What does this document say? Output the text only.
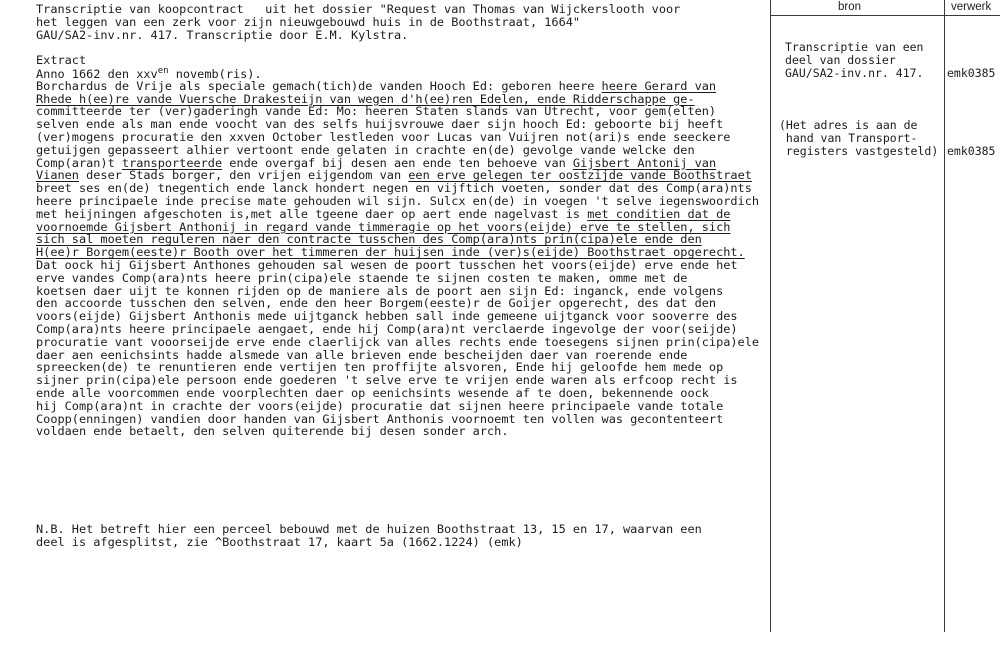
bron	verwerk
Transcriptie van koopcontract   uit het dossier "Request van Thomas van Wijckerslooth voor
het leggen van een zerk voor zijn nieuwgebouwd huis in de Boothstraat, 1664"
GAU/SA2-inv.nr. 417. Transcriptie door E.M. Kylstra.
Extract
Anno 1662 den xxv$^{en}$ novemb(ris).
Borchardus de Vrije als speciale gemach(tich)de vanden Hooch Ed: geboren heere heere Gerard van
Rhede h(ee)re vande Vuersche Drakesteijn van wegen d'h(ee)ren Edelen, ende Ridderschappe ge-
committeerde ter (ver)gaderingh vande Ed: Mo: heeren Staten slands van Utrecht, voor gem(elten)
selven ende als man ende voocht van des selfs huijsvrouwe daer sijn hooch Ed: geboorte bij heeft
(ver)mogens procuratie den xxven October lestleden voor Lucas van Vuijren not(ari)s ende seeckere
getuijgen gepasseert alhier vertoont ende gelaten in crachte en(de) gevolge vande welcke den
Comp(aran)t transporteerde ende overgaf bij desen aen ende ten behoeve van Gijsbert Antonij van
Vianen deser Stads borger, den vrijen eijgendom van een erve gelegen ter oostzijde vande Boothstraet
breet ses en(de) tnegentich ende lanck hondert negen en vijftich voeten, sonder dat des Comp(ara)nts
heere principaele inde precise mate gehouden wil sijn. Sulcx en(de) in voegen 't selve iegenswoordich
met heijningen afgeschoten is,met alle tgeene daer op aert ende nagelvast is met conditien dat de
voornoemde Gijsbert Anthonij in regard vande timmeragie op het voors(eijde) erve te stellen, sich
sich sal moeten reguleren naer den contracte tusschen des Comp(ara)nts prin(cipa)ele ende den
H(ee)r Borgem(eeste)r Booth over het timmeren der huijsen inde (ver)s(eijde) Boothstraet opgerecht.
Dat oock hij Gijsbert Anthones gehouden sal wesen de poort tusschen het voors(eijde) erve ende het
erve vandes Comp(ara)nts heere prin(cipa)ele staende te sijnen costen te maken, omme met de
koetsen daer uijt te konnen rijden op de maniere als de poort aen sijn Ed: inganck, ende volgens
den accoorde tusschen den selven, ende den heer Borgem(eeste)r de Goijer opgerecht, des dat den
voors(eijde) Gijsbert Anthonis mede uijtganck hebben sall inde gemeene uijtganck voor sooverre des
Comp(ara)nts heere principaele aengaet, ende hij Comp(ara)nt verclaerde ingevolge der voor(seijde)
procuratie vant vooorseijde erve ende claerlijck van alles rechts ende toesegens sijnen prin(cipa)ele
daer aen eenichsints hadde alsmede van alle brieven ende bescheijden daer van roerende ende
spreecken(de) te renuntieren ende vertijen ten proffijte alsvoren, Ende hij geloofde hem mede op
sijner prin(cipa)ele persoon ende goederen 't selve erve te vrijen ende waren als erfcoop recht is
ende alle voorcommen ende voorplechten daer op eenichsints wesende af te doen, bekennende oock
hij Comp(ara)nt in crachte der voors(eijde) procuratie dat sijnen heere principaele vande totale
Coopp(enningen) vandien door handen van Gijsbert Anthonis voornoemt ten vollen was gecontenteert
voldaen ende betaelt, den selven quiterende bij desen sonder arch.
N.B. Het betreft hier een perceel bebouwd met de huizen Boothstraat 13, 15 en 17, waarvan een
deel is afgesplitst, zie ^Boothstraat 17, kaart 5a (1662.1224) (emk)
Transcriptie van een
deel van dossier
GAU/SA2-inv.nr. 417.
(Het adres is aan de
hand van Transport-
registers vastgesteld)
emk0385
emk0385
